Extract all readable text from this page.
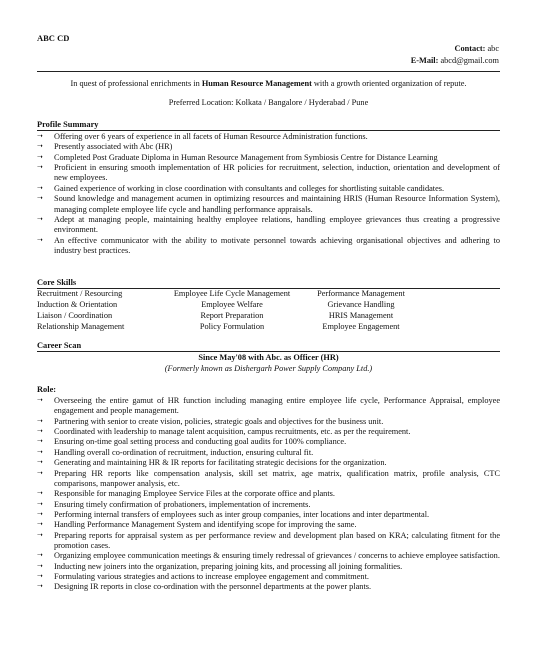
ABC CD
Contact: abc
E-Mail: abcd@gmail.com
In quest of professional enrichments in Human Resource Management with a growth oriented organization of repute.
Preferred Location: Kolkata / Bangalore / Hyderabad / Pune
Profile Summary
➝ Offering over 6 years of experience in all facets of Human Resource Administration functions.
➝ Presently associated with Abc (HR)
➝ Completed Post Graduate Diploma in Human Resource Management from Symbiosis Centre for Distance Learning
➝ Proficient in ensuring smooth implementation of HR policies for recruitment, selection, induction, orientation and development of new employees.
➝ Gained experience of working in close coordination with consultants and colleges for shortlisting suitable candidates.
➝ Sound knowledge and management acumen in optimizing resources and maintaining HRIS (Human Resource Information System), managing complete employee life cycle and handling performance appraisals.
➝ Adept at managing people, maintaining healthy employee relations, handling employee grievances thus creating a progressive environment.
➝ An effective communicator with the ability to motivate personnel towards achieving organisational objectives and adhering to industry best practices.
Core Skills
Recruitment / Resourcing	Employee Life Cycle Management	Performance Management
Induction & Orientation	Employee Welfare	Grievance Handling
Liaison / Coordination	Report Preparation	HRIS Management
Relationship Management	Policy Formulation	Employee Engagement
Career Scan
Since May'08 with Abc. as Officer (HR)
(Formerly known as Dishergarh Power Supply Company Ltd.)
Role:
➝ Overseeing the entire gamut of HR function including managing entire employee life cycle, Performance Appraisal, employee engagement and people management.
➝ Partnering with senior to create vision, policies, strategic goals and objectives for the business unit.
➝ Coordinated with leadership to manage talent acquisition, campus recruitments, etc. as per the requirement.
➝ Ensuring on-time goal setting process and conducting goal audits for 100% compliance.
➝ Handling overall co-ordination of recruitment, induction, ensuring cultural fit.
➝ Generating and maintaining HR & IR reports for facilitating strategic decisions for the organization.
➝ Preparing HR reports like compensation analysis, skill set matrix, age matrix, qualification matrix, profile analysis, CTC comparisons, manpower analysis, etc.
➝ Responsible for managing Employee Service Files at the corporate office and plants.
➝ Ensuring timely confirmation of probationers, implementation of increments.
➝ Performing internal transfers of employees such as inter group companies, inter locations and inter departmental.
➝ Handling Performance Management System and identifying scope for improving the same.
➝ Preparing reports for appraisal system as per performance review and development plan based on KRA; calculating fitment for the promotion cases.
➝ Organizing employee communication meetings & ensuring timely redressal of grievances / concerns to achieve employee satisfaction.
➝ Inducting new joiners into the organization, preparing joining kits, and processing all joining formalities.
➝ Formulating various strategies and actions to increase employee engagement and commitment.
➝ Designing IR reports in close co-ordination with the personnel departments at the power plants.
